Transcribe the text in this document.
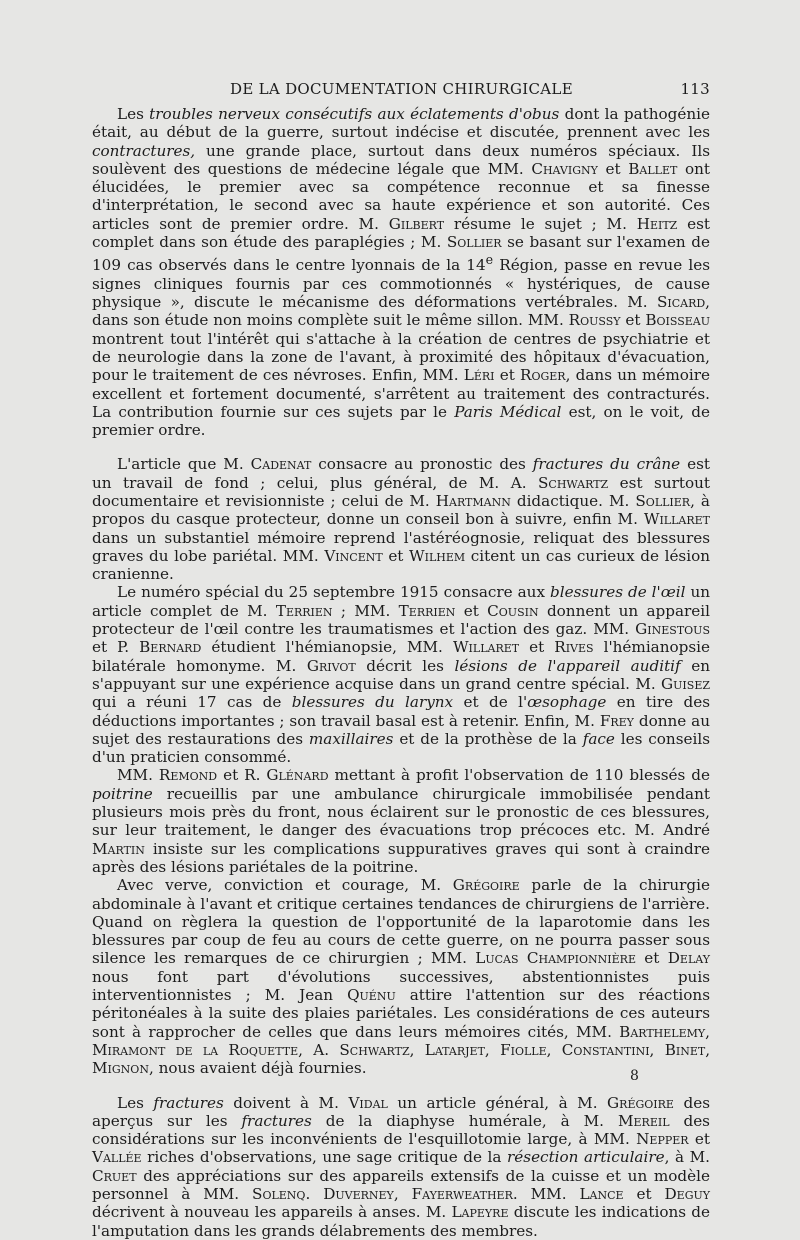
DE LA DOCUMENTATION CHIRURGICALE	113

Les troubles nerveux consécutifs aux éclatements d'obus dont la pathogénie était, au début de la guerre, surtout indécise et discutée, prennent avec les contractures, une grande place, surtout dans deux numéros spéciaux. Ils soulèvent des questions de médecine légale que MM. Chavigny et Ballet ont élucidées, le premier avec sa compétence reconnue et sa finesse d'interprétation, le second avec sa haute expérience et son autorité. Ces articles sont de premier ordre. M. Gilbert résume le sujet ; M. Heitz est complet dans son étude des paraplégies ; M. Sollier se basant sur l'examen de 109 cas observés dans le centre lyonnais de la 14e Région, passe en revue les signes cliniques fournis par ces commotionnés « hystériques, de cause physique », discute le mécanisme des déformations vertébrales. M. Sicard, dans son étude non moins complète suit le même sillon. MM. Roussy et Boisseau montrent tout l'intérêt qui s'attache à la création de centres de psychiatrie et de neurologie dans la zone de l'avant, à proximité des hôpitaux d'évacuation, pour le traitement de ces névroses. Enfin, MM. Léri et Roger, dans un mémoire excellent et fortement documenté, s'arrêtent au traitement des contracturés. La contribution fournie sur ces sujets par le Paris Médical est, on le voit, de premier ordre.

L'article que M. Cadenat consacre au pronostic des fractures du crâne est un travail de fond ; celui, plus général, de M. A. Schwartz est surtout documentaire et revisionniste ; celui de M. Hartmann didactique. M. Sollier, à propos du casque protecteur, donne un conseil bon à suivre, enfin M. Willaret dans un substantiel mémoire reprend l'astéréognosie, reliquat des blessures graves du lobe pariétal. MM. Vincent et Wilhem citent un cas curieux de lésion cranienne.

Le numéro spécial du 25 septembre 1915 consacre aux blessures de l'œil un article complet de M. Terrien ; MM. Terrien et Cousin donnent un appareil protecteur de l'œil contre les traumatismes et l'action des gaz. MM. Ginestous et P. Bernard étudient l'hémianopsie, MM. Willaret et Rives l'hémianopsie bilatérale homonyme. M. Grivot décrit les lésions de l'appareil auditif en s'appuyant sur une expérience acquise dans un grand centre spécial. M. Guisez qui a réuni 17 cas de blessures du larynx et de l'œsophage en tire des déductions importantes ; son travail basal est à retenir. Enfin, M. Frey donne au sujet des restaurations des maxillaires et de la prothèse de la face les conseils d'un praticien consommé.

MM. Remond et R. Glénard mettant à profit l'observation de 110 blessés de poitrine recueillis par une ambulance chirurgicale immobilisée pendant plusieurs mois près du front, nous éclairent sur le pronostic de ces blessures, sur leur traitement, le danger des évacuations trop précoces etc. M. André Martin insiste sur les complications suppuratives graves qui sont à craindre après des lésions pariétales de la poitrine.

Avec verve, conviction et courage, M. Grégoire parle de la chirurgie abdominale à l'avant et critique certaines tendances de chirurgiens de l'arrière. Quand on règlera la question de l'opportunité de la laparotomie dans les blessures par coup de feu au cours de cette guerre, on ne pourra passer sous silence les remarques de ce chirurgien ; MM. Lucas Championnière et Delay nous font part d'évolutions successives, abstentionnistes puis interventionnistes ; M. Jean Quénu attire l'attention sur des réactions péritonéales à la suite des plaies pariétales. Les considérations de ces auteurs sont à rapprocher de celles que dans leurs mémoires cités, MM. Barthelemy, Miramont de la Roquette, A. Schwartz, Latarjet, Fiolle, Constantini, Binet, Mignon, nous avaient déjà fournies.

Les fractures doivent à M. Vidal un article général, à M. Grégoire des aperçus sur les fractures de la diaphyse humérale, à M. Mereil des considérations sur les inconvénients de l'esquillotomie large, à MM. Nepper et Vallée riches d'observations, une sage critique de la résection articulaire, à M. Cruet des appréciations sur des appareils extensifs de la cuisse et un modèle personnel à MM. Solenq. Duverney, Fayerweather. MM. Lance et Deguy décrivent à nouveau les appareils à anses. M. Lapeyre discute les indications de l'amputation dans les grands délabrements des membres.

8
